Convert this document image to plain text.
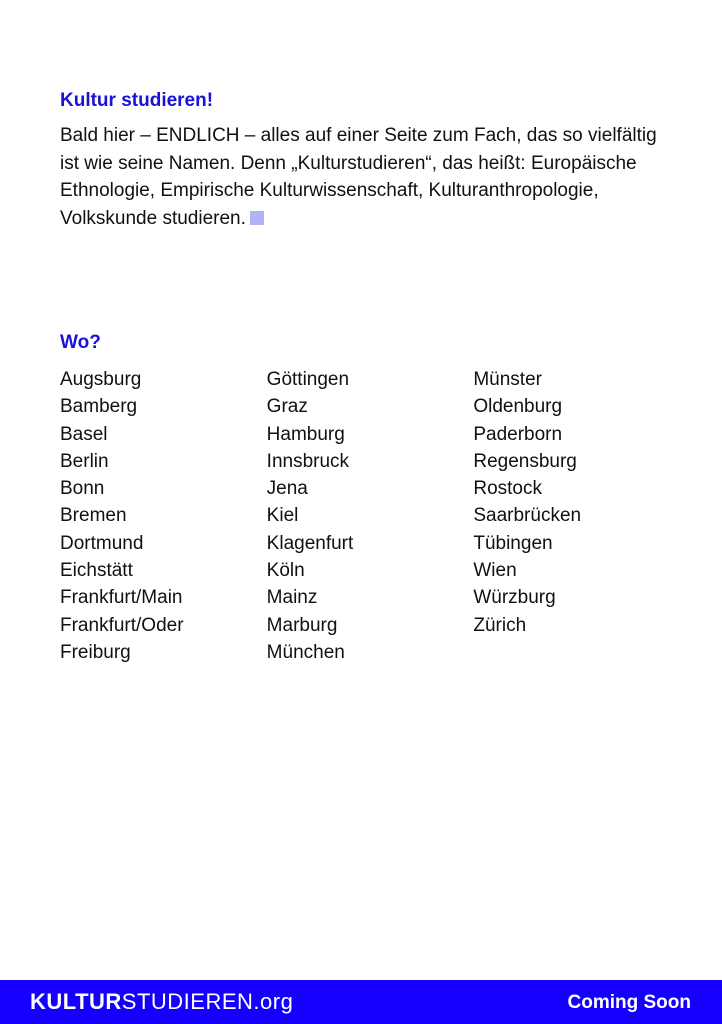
Kultur studieren!

Bald hier – ENDLICH – alles auf einer Seite zum Fach, das so vielfältig ist wie seine Namen. Denn „Kulturstudieren“, das heißt: Europäische Ethnologie, Empirische Kulturwissenschaft, Kulturanthropologie, Volkskunde studieren.

Wo?
Augsburg
Bamberg
Basel
Berlin
Bonn
Bremen
Dortmund
Eichstätt
Frankfurt/Main
Frankfurt/Oder
Freiburg
Göttingen
Graz
Hamburg
Innsbruck
Jena
Kiel
Klagenfurt
Köln
Mainz
Marburg
München
Münster
Oldenburg
Paderborn
Regensburg
Rostock
Saarbrücken
Tübingen
Wien
Würzburg
Zürich
KULTURSTUDIEREN.org	Coming Soon
